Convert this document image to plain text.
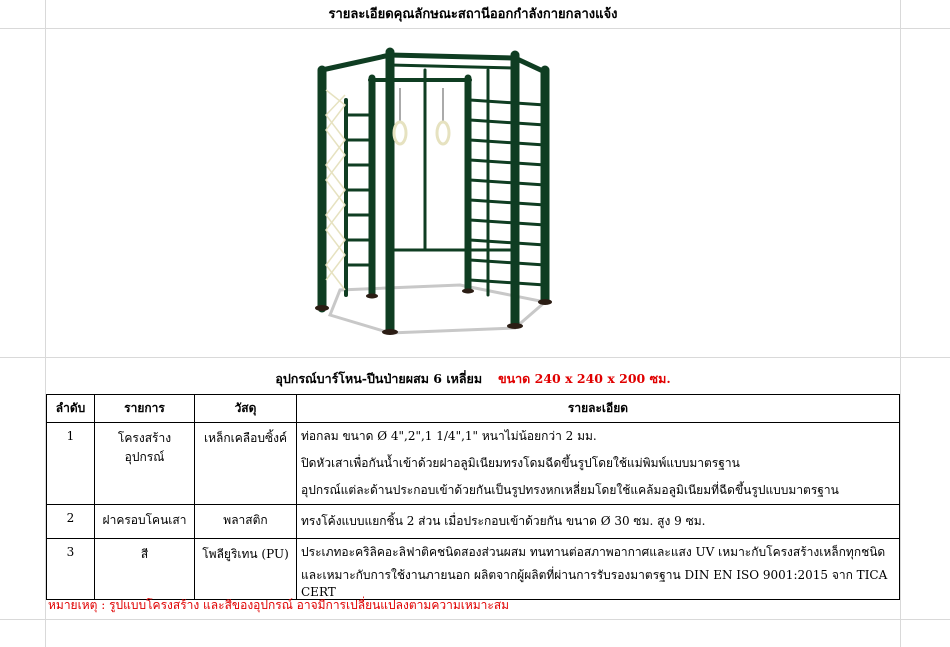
รายละเอียดคุณลักษณะสถานีออกกำลังกายกลางแจ้ง
อุปกรณ์บาร์โหน-ปีนป่ายผสม 6 เหลี่ยม ขนาด 240 x 240 x 200 ซม.
ลำดับ	รายการ	วัสดุ	รายละเอียด
1	โครงสร้างอุปกรณ์	เหล็กเคลือบซิ้งค์	ท่อกลม ขนาด Ø 4",2",1 1/4",1" หนาไม่น้อยกว่า 2 มม.
			ปิดหัวเสาเพื่อกันน้ำเข้าด้วยฝาอลูมิเนียมทรงโดมฉีดขึ้นรูปโดยใช้แม่พิมพ์แบบมาตรฐาน
			อุปกรณ์แต่ละด้านประกอบเข้าด้วยกันเป็นรูปทรงหกเหลี่ยมโดยใช้แคล้มอลูมิเนียมที่ฉีดขึ้นรูปแบบมาตรฐาน
2	ฝาครอบโคนเสา	พลาสติก	ทรงโค้งแบบแยกชิ้น 2 ส่วน เมื่อประกอบเข้าด้วยกัน ขนาด Ø 30 ซม. สูง 9 ซม.
3	สี	โพลียูริเทน (PU)	ประเภทอะคริลิคอะลิฟาติคชนิดสองส่วนผสม ทนทานต่อสภาพอากาศและแสง UV เหมาะกับโครงสร้างเหล็กทุกชนิด
			และเหมาะกับการใช้งานภายนอก ผลิตจากผู้ผลิตที่ผ่านการรับรองมาตรฐาน DIN EN ISO 9001:2015 จาก TICA CERT
หมายเหตุ : รูปแบบโครงสร้าง และสีของอุปกรณ์ อาจมีการเปลี่ยนแปลงตามความเหมาะสม
